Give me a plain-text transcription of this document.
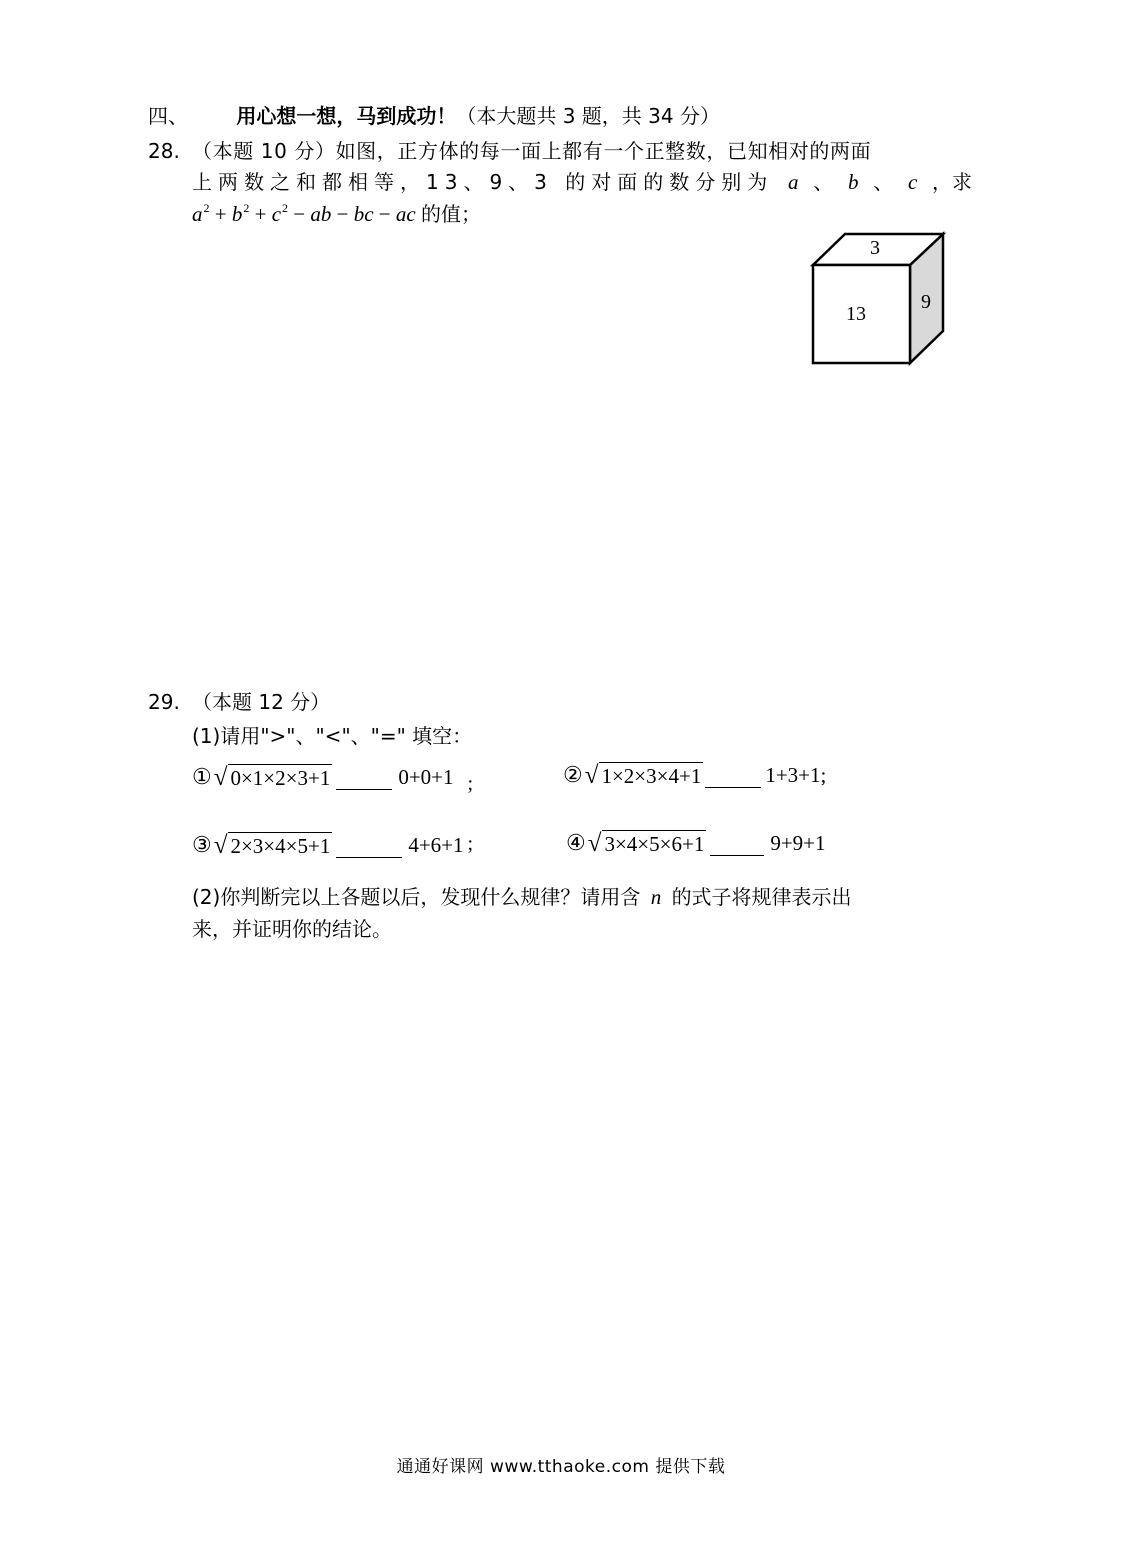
四、 用心想一想，马到成功！（本大题共 3 题，共 34 分）
28. （本题 10 分）如图，正方体的每一面上都有一个正整数，已知相对的两面
上两数之和都相等，13、9、3 的对面的数分别为 a 、 b 、 c ，求
$a^2 + b^2 + c^2$ − ab − bc − ac 的值；
3
13
9
29. （本题 12 分）
(1)请用">"、"<"、"=" 填空：
① √ 0×1×2×3+1	0+0+1 ;	② √ 1×2×3×4+1	1+3+1;
③ √ 2×3×4×5+1	4+6+1 ;	④ √ 3×4×5×6+1	9+9+1
(2)你判断完以上各题以后，发现什么规律？请用含 n 的式子将规律表示出
来，并证明你的结论。
通通好课网 www.tthaoke.com 提供下载
